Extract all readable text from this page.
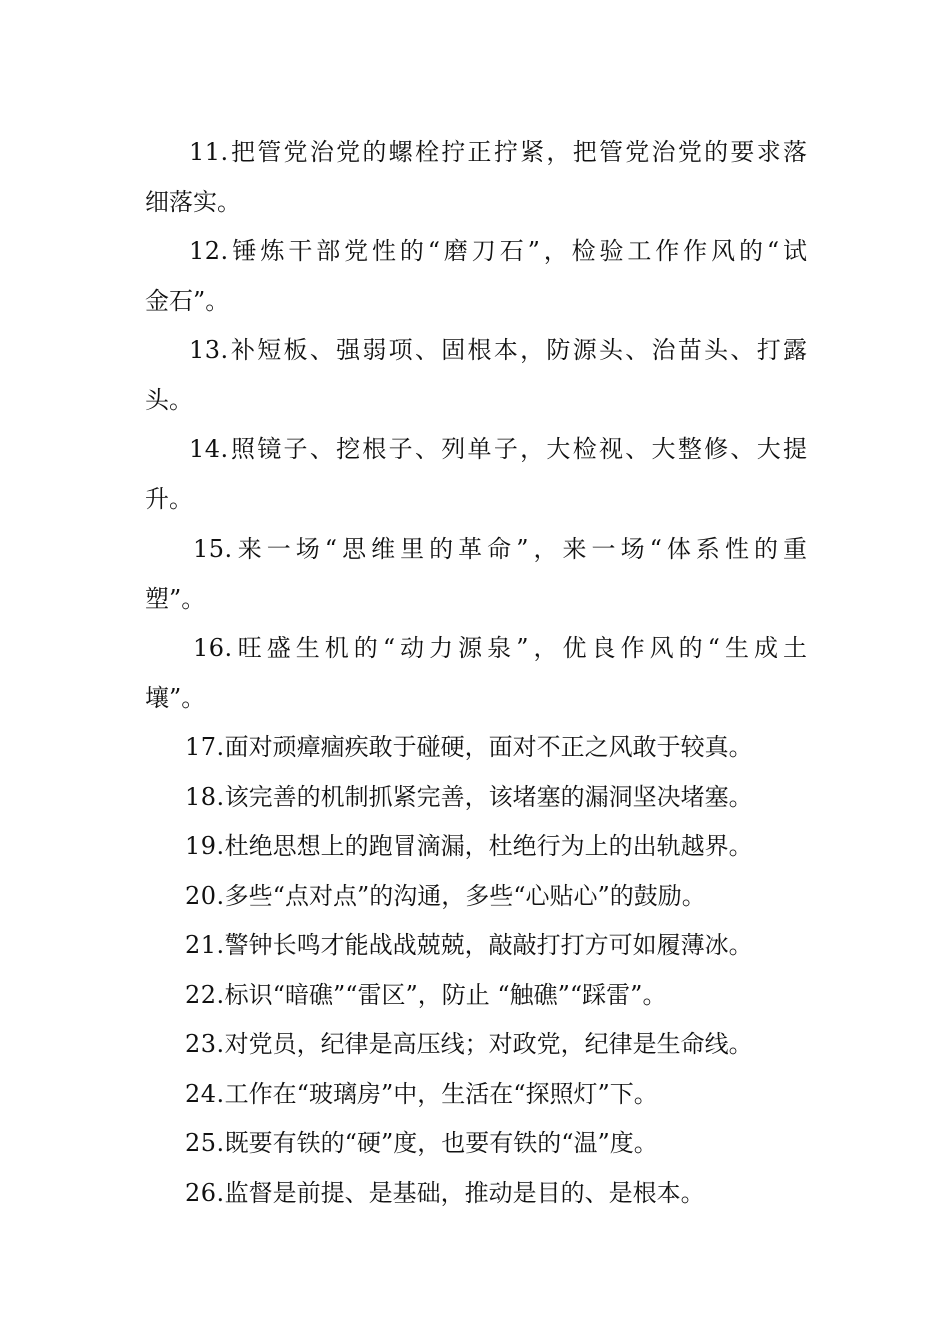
11.把管党治党的螺栓拧正拧紧，把管党治党的要求落
细落实。

12.锤炼干部党性的“磨刀石”，检验工作作风的“试
金石”。

13.补短板、强弱项、固根本，防源头、治苗头、打露
头。

14.照镜子、挖根子、列单子，大检视、大整修、大提
升。

15.来一场“思维里的革命”，来一场“体系性的重
塑”。

16.旺盛生机的“动力源泉”，优良作风的“生成土
壤”。

17.面对顽瘴痼疾敢于碰硬，面对不正之风敢于较真。

18.该完善的机制抓紧完善，该堵塞的漏洞坚决堵塞。

19.杜绝思想上的跑冒滴漏，杜绝行为上的出轨越界。

20.多些“点对点”的沟通，多些“心贴心”的鼓励。

21.警钟长鸣才能战战兢兢，敲敲打打方可如履薄冰。

22.标识“暗礁”“雷区”，防止 “触礁”“踩雷”。

23.对党员，纪律是高压线；对政党，纪律是生命线。

24.工作在“玻璃房”中，生活在“探照灯”下。

25.既要有铁的“硬”度，也要有铁的“温”度。

26.监督是前提、是基础，推动是目的、是根本。
